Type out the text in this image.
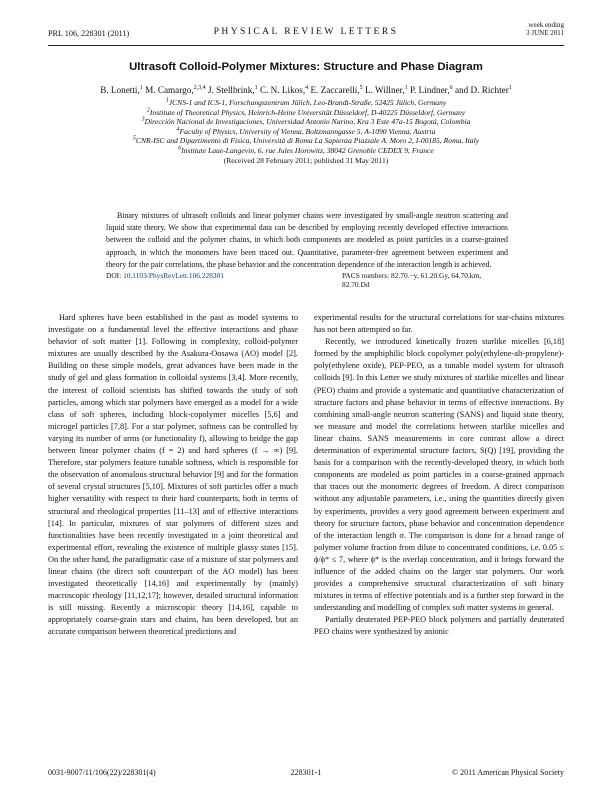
PRL 106, 228301 (2011)	PHYSICAL REVIEW LETTERS
week ending
3 JUNE 2011
Ultrasoft Colloid-Polymer Mixtures: Structure and Phase Diagram
B. Lonetti,$^1$ M. Camargo,$^{2,3,4}$ J. Stellbrink,$^1$ C. N. Likos,$^4$ E. Zaccarelli,$^5$ L. Willner,$^1$ P. Lindner,$^6$ and D. Richter$^1$
$^1$JCNS-1 and ICS-1, Forschungszentrum Jülich, Leo-Brandt-Straße, 52425 Jülich, Germany
$^2$Institute of Theoretical Physics, Heinrich-Heine Universität Düsseldorf, D-40225 Düsseldorf, Germany
$^3$Dirección Nacional de Investigaciones, Universidad Antonio Narino, Kra 3 Este 47a-15 Bogotá, Colombia
$^4$Faculty of Physics, University of Vienna, Boltzmanngasse 5, A-1090 Vienna, Austria
$^5$CNR-ISC and Dipartimento di Fisica, Università di Roma La Sapienza Piazzale A. Moro 2, I-00185, Roma, Italy
$^6$Institute Laue-Langevin, 6, rue Jules Horowitz, 38042 Grenoble CEDEX 9, France
(Received 28 February 2011; published 31 May 2011)

Binary mixtures of ultrasoft colloids and linear polymer chains were investigated by small-angle neutron scattering and liquid state theory. We show that experimental data can be described by employing recently developed effective interactions between the colloid and the polymer chains, in which both components are modeled as point particles in a coarse-grained approach, in which the monomers have been traced out. Quantitative, parameter-free agreement between experiment and theory for the pair correlations, the phase behavior and the concentration dependence of the interaction length is achieved.

DOI: 10.1103/PhysRevLett.106.228301	PACS numbers: 82.70.−y, 61.20.Gy, 64.70.km, 82.70.Dd

Hard spheres have been established in the past as model systems to investigate on a fundamental level the effective interactions and phase behavior of soft matter [1]. Following in complexity, colloid-polymer mixtures are usually described by the Asakura-Oosawa (AO) model [2]. Building on these simple models, great advances have been made in the study of gel and glass formation in colloidal systems [3,4]. More recently, the interest of colloid scientists has shifted towards the study of soft particles, among which star polymers have emerged as a model for a wide class of soft spheres, including block-copolymer micelles [5,6] and microgel particles [7,8]. For a star polymer, softness can be controlled by varying its number of arms (or functionality f), allowing to bridge the gap between linear polymer chains (f = 2) and hard spheres (f → ∞) [9]. Therefore, star polymers feature tunable softness, which is responsible for the observation of anomalous structural behavior [9] and for the formation of several crystal structures [5,10]. Mixtures of soft particles offer a much higher versatility with respect to their hard counterparts, both in terms of structural and rheological properties [11–13] and of effective interactions [14]. In particular, mixtures of star polymers of different sizes and functionalities have been recently investigated in a joint theoretical and experimental effort, revealing the existence of multiple glassy states [15]. On the other hand, the paradigmatic case of a mixture of star polymers and linear chains (the direct soft counterpart of the AO model) has been investigated theoretically [14,16] and experimentally by (mainly) macroscopic rheology [11,12,17]; however, detailed structural information is still missing. Recently a microscopic theory [14,16], capable to appropriately coarse-grain stars and chains, has been developed, but an accurate comparison between theoretical predictions and

experimental results for the structural correlations for star-chains mixtures has not been attempted so far.

Recently, we introduced kinetically frozen starlike micelles [6,18] formed by the amphiphilic block copolymer poly(ethylene-alt-propylene)-poly(ethylene oxide), PEP-PEO, as a tunable model system for ultrasoft colloids [9]. In this Letter we study mixtures of starlike micelles and linear (PEO) chains and provide a systematic and quantitative characterization of structure factors and phase behavior in terms of effective interactions. By combining small-angle neutron scattering (SANS) and liquid state theory, we measure and model the correlations between starlike micelles and linear chains. SANS measurements in core contrast allow a direct determination of experimental structure factors, S(Q) [19], providing the basis for a comparison with the recently-developed theory, in which both components are modeled as point particles in a coarse-grained approach that traces out the monomeric degrees of freedom. A direct comparison without any adjustable parameters, i.e., using the quantities directly given by experiments, provides a very good agreement between experiment and theory for structure factors, phase behavior and concentration dependence of the interaction length σ. The comparison is done for a broad range of polymer volume fraction from dilute to concentrated conditions, i.e. 0.05 ≤ ϕ/ϕ* ≤ 7, where ϕ* is the overlap concentration, and it brings forward the influence of the added chains on the larger star polymers. Our work provides a comprehensive structural characterization of soft binary mixtures in terms of effective potentials and is a further step forward in the understanding and modelling of complex soft matter systems in general.

Partially deuterated PEP-PEO block polymers and partially deuterated PEO chains were synthesized by anionic

0031-9007/11/106(22)/228301(4)	228301-1	© 2011 American Physical Society
